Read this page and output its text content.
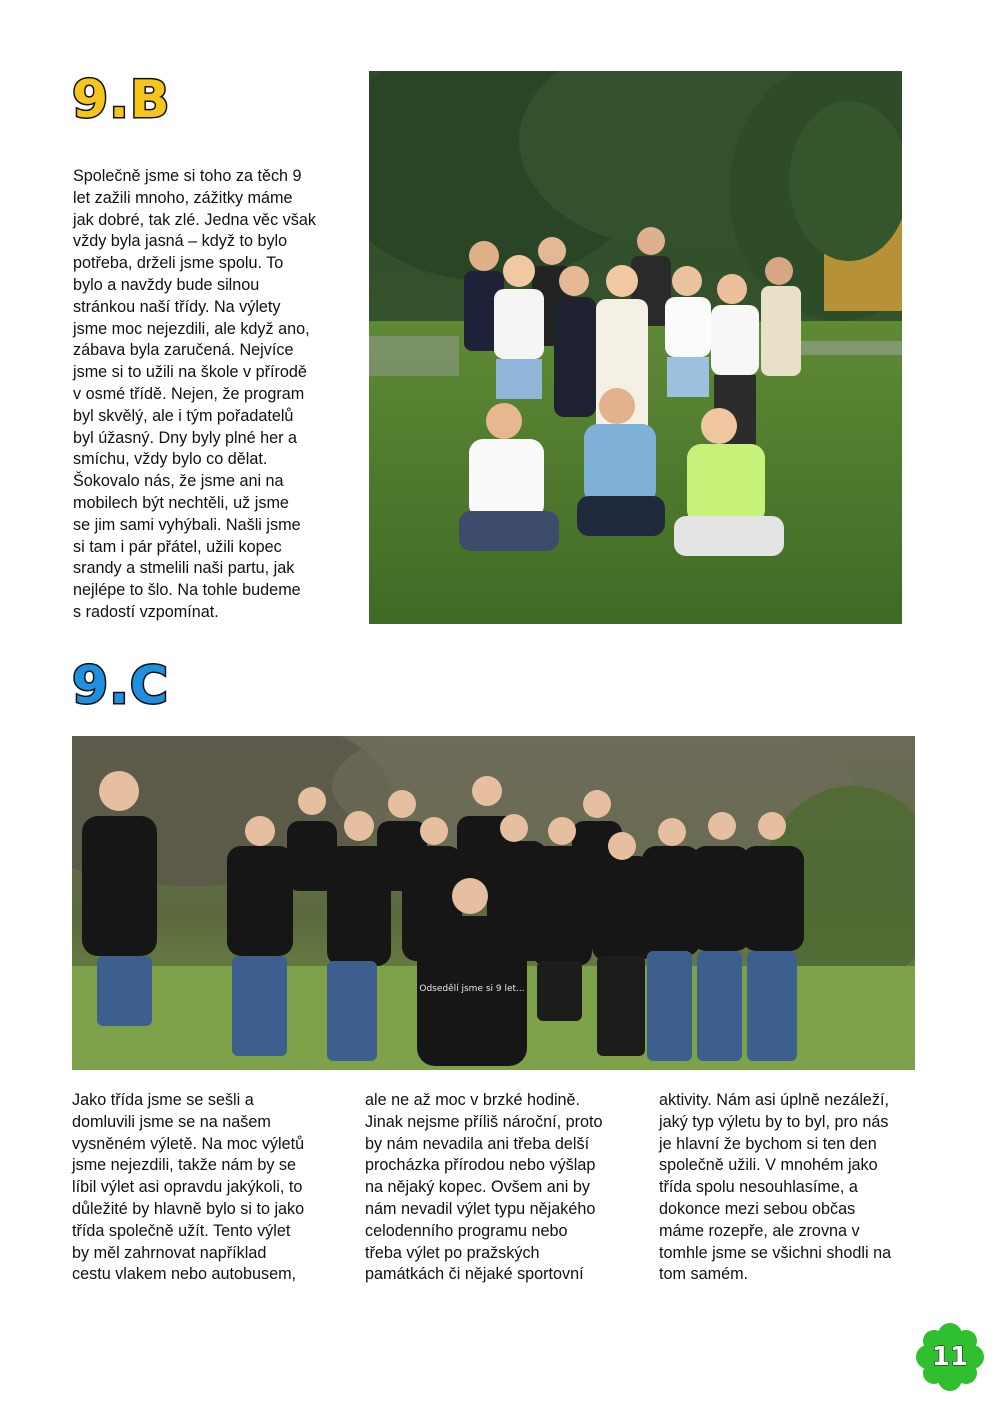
9.B
Společně jsme si toho za těch 9
let zažili mnoho, zážitky máme
jak dobré, tak zlé. Jedna věc však
vždy byla jasná – když to bylo
potřeba, drželi jsme spolu. To
bylo a navždy bude silnou
stránkou naší třídy. Na výlety
jsme moc nejezdili, ale když ano,
zábava byla zaručená. Nejvíce
jsme si to užili na škole v přírodě
v osmé třídě. Nejen, že program
byl skvělý, ale i tým pořadatelů
byl úžasný. Dny byly plné her a
smíchu, vždy bylo co dělat.
Šokovalo nás, že jsme ani na
mobilech být nechtěli, už jsme
se jim sami vyhýbali. Našli jsme
si tam i pár přátel, užili kopec
srandy a stmelili naši partu, jak
nejlépe to šlo. Na tohle budeme
s radostí vzpomínat.
9.C
Odsedělí jsme si 9 let...
Jako třída jsme se sešli a
domluvili jsme se na našem
vysněném výletě. Na moc výletů
jsme nejezdili, takže nám by se
líbil výlet asi opravdu jakýkoli, to
důležité by hlavně bylo si to jako
třída společně užít. Tento výlet
by měl zahrnovat například
cestu vlakem nebo autobusem,
ale ne až moc v brzké hodině.
Jinak nejsme příliš nároční, proto
by nám nevadila ani třeba delší
procházka přírodou nebo výšlap
na nějaký kopec. Ovšem ani by
nám nevadil výlet typu nějakého
celodenního programu nebo
třeba výlet po pražských
památkách či nějaké sportovní
aktivity. Nám asi úplně nezáleží,
jaký typ výletu by to byl, pro nás
je hlavní že bychom si ten den
společně užili. V mnohém jako
třída spolu nesouhlasíme, a
dokonce mezi sebou občas
máme rozepře, ale zrovna v
tomhle jsme se všichni shodli na
tom samém.
11
